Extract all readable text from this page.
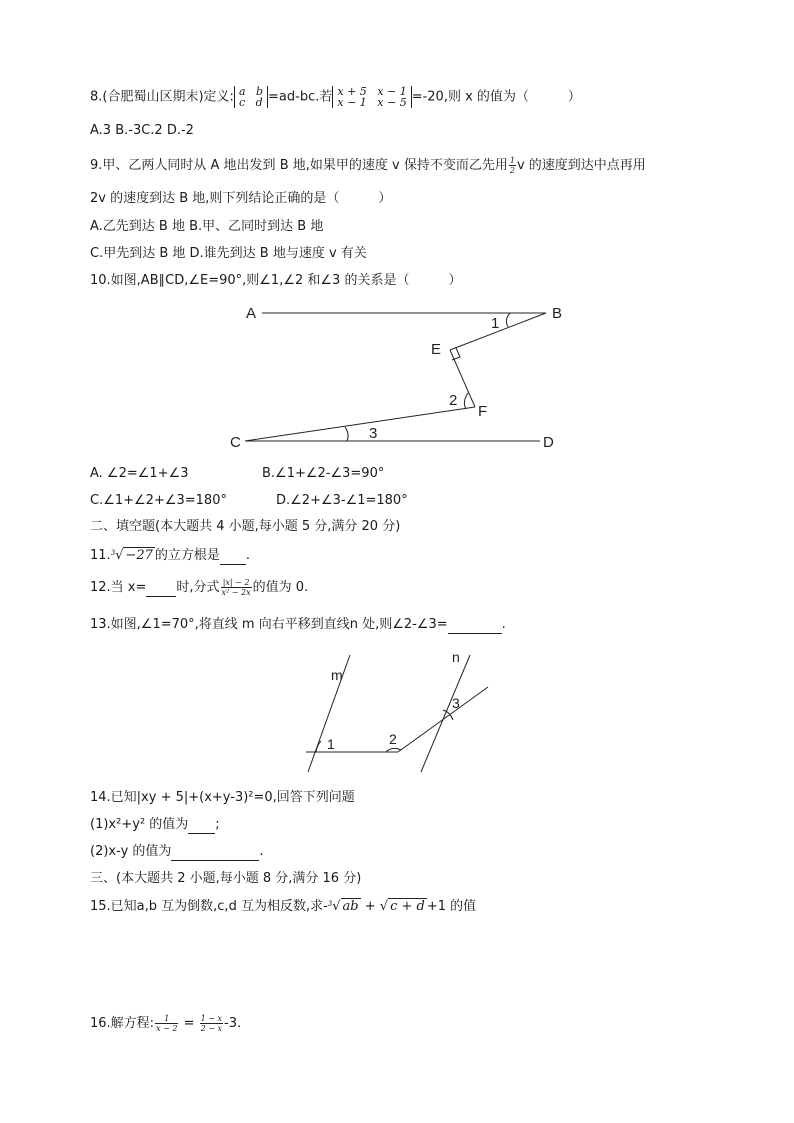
8.(合肥蜀山区期末)定义: a   b
c   d =ad-bc.若 x + 5   x − 1
x − 1   x − 5 =-20,则 x 的值为（　　　）
A.3 B.-3C.2 D.-2
9.甲、乙两人同时从 A 地出发到 B 地,如果甲的速度 v 保持不变而乙先用 $\frac{1}{2}$ v 的速度到达中点再用
2v 的速度到达 B 地,则下列结论正确的是（　　　）
A.乙先到达 B 地 B.甲、乙同时到达 B 地
C.甲先到达 B 地 D.谁先到达 B 地与速度 v 有关
10.如图,AB∥CD,∠E=90°,则∠1,∠2 和∠3 的关系是（　　　）
A	B
E
F
C	D
1
2
3
A. ∠2=∠1+∠3	B.∠1+∠2-∠3=90°
C.∠1+∠2+∠3=180°	D.∠2+∠3-∠1=180°
二、填空题(本大题共 4 小题,每小题 5 分,满分 20 分)
11.$^3$√ −27 的立方根是 .
12.当 x= 时,分式 $\frac{|x| - 2}{\text{x² − 2x}}$ 的值为 0.
13.如图,∠1=70°,将直线 m 向右平移到直线n 处,则∠2-∠3=	.
m
n
1	2
3
14.已知|xy + 5|+(x+y-3)²=0,回答下列问题
(1)x²+y² 的值为 ;
(2)x-y 的值为	.
三、(本大题共 2 小题,每小题 8 分,满分 16 分)
15.已知a,b 互为倒数,c,d 互为相反数,求-$^3$√ ab + √ c + d +1 的值
16.解方程: $\frac{1}{x - 2} = \frac{1 - x}{2 - x} -3$.
